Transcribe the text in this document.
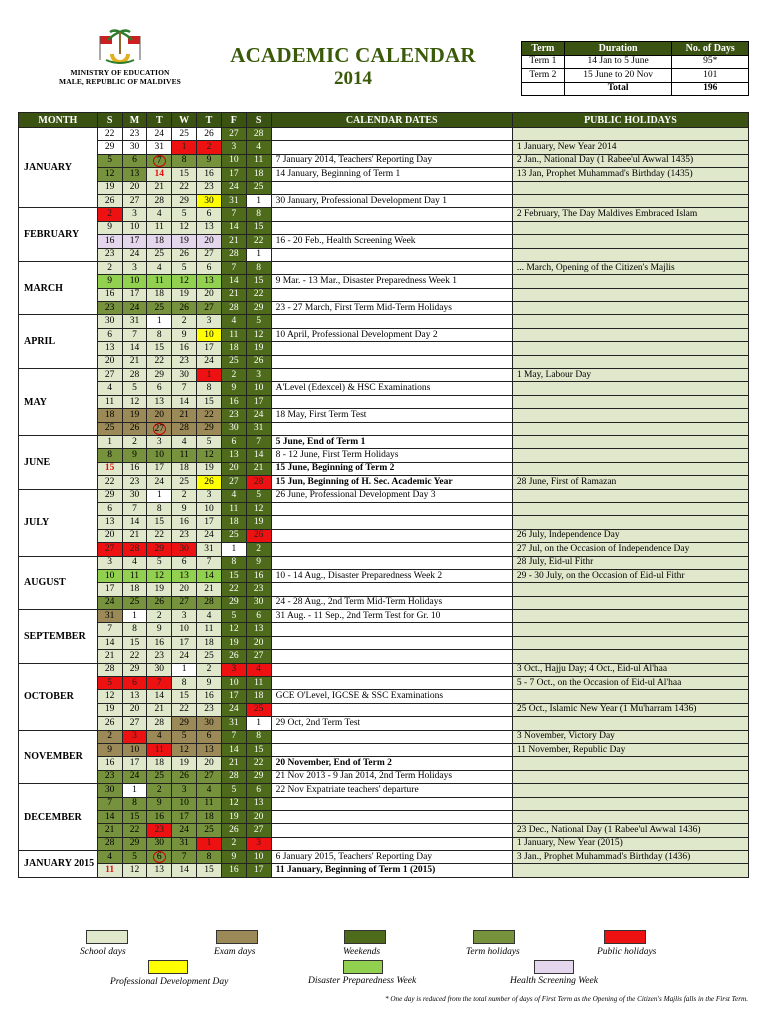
MINISTRY OF EDUCATION
MALE, REPUBLIC OF MALDIVES
ACADEMIC CALENDAR
2014
Term	Duration	No. of Days
Term 1	14 Jan to 5 June	95*
Term 2	15 June to 20 Nov	101
	Total	196
MONTH	S	M	T	W	T	F	S	CALENDAR DATES	PUBLIC HOLIDAYS
JANUARY	22	23	24	25	26	27	28		
	29	30	31	1	2	3	4		1 January, New Year 2014
	5	6	7	8	9	10	11	7 January 2014, Teachers' Reporting Day	2 Jan., National Day (1 Rabee'ul Awwal 1435)
	12	13	14	15	16	17	18	14 January, Beginning of Term 1	13 Jan, Prophet Muhammad's Birthday (1435)
	19	20	21	22	23	24	25		
	26	27	28	29	30	31	1	30 January, Professional Development Day 1	
FEBRUARY	2	3	4	5	6	7	8		2 February, The Day Maldives Embraced Islam
	9	10	11	12	13	14	15		
	16	17	18	19	20	21	22	16 - 20 Feb., Health Screening Week	
	23	24	25	26	27	28	1		
MARCH	2	3	4	5	6	7	8		... March, Opening of the Citizen's Majlis
	9	10	11	12	13	14	15	9 Mar. - 13 Mar., Disaster Preparedness Week 1	
	16	17	18	19	20	21	22		
	23	24	25	26	27	28	29	23 - 27 March, First Term Mid-Term Holidays	
APRIL	30	31	1	2	3	4	5		
	6	7	8	9	10	11	12	10 April, Professional Development Day 2	
	13	14	15	16	17	18	19		
	20	21	22	23	24	25	26		
MAY	27	28	29	30	1	2	3		1 May, Labour Day
	4	5	6	7	8	9	10	A'Level (Edexcel) & HSC Examinations	
	11	12	13	14	15	16	17		
	18	19	20	21	22	23	24	18 May, First Term Test	
	25	26	27	28	29	30	31		
JUNE	1	2	3	4	5	6	7	5 June, End of Term 1	
	8	9	10	11	12	13	14	8 - 12 June, First Term Holidays	
	15	16	17	18	19	20	21	15 June, Beginning of Term 2	
	22	23	24	25	26	27	28	15 Jun, Beginning of H. Sec. Academic Year	28 June, First of Ramazan
JULY	29	30	1	2	3	4	5	26 June, Professional Development Day 3	
	6	7	8	9	10	11	12		
	13	14	15	16	17	18	19		
	20	21	22	23	24	25	26		26 July, Independence Day
	27	28	29	30	31	1	2		27 Jul, on the Occasion of Independence Day
AUGUST	3	4	5	6	7	8	9		28 July, Eid-ul Fithr
	10	11	12	13	14	15	16	10 - 14 Aug., Disaster Preparedness Week 2	29 - 30 July, on the Occasion of Eid-ul Fithr
	17	18	19	20	21	22	23		
	24	25	26	27	28	29	30	24 - 28 Aug., 2nd Term Mid-Term Holidays	
SEPTEMBER	31	1	2	3	4	5	6	31 Aug. - 11 Sep., 2nd Term Test for Gr. 10	
	7	8	9	10	11	12	13		
	14	15	16	17	18	19	20		
	21	22	23	24	25	26	27		
OCTOBER	28	29	30	1	2	3	4		3 Oct., Hajju Day; 4 Oct., Eid-ul Al'haa
	5	6	7	8	9	10	11		5 - 7 Oct., on the Occasion of Eid-ul Al'haa
	12	13	14	15	16	17	18	GCE O'Level, IGCSE & SSC Examinations	
	19	20	21	22	23	24	25		25 Oct., Islamic New Year (1 Mu'harram 1436)
	26	27	28	29	30	31	1	29 Oct, 2nd Term Test	
NOVEMBER	2	3	4	5	6	7	8		3 November, Victory Day
	9	10	11	12	13	14	15		11 November, Republic Day
	16	17	18	19	20	21	22	20 November, End of Term 2	
	23	24	25	26	27	28	29	21 Nov 2013 - 9 Jan 2014, 2nd Term Holidays	
DECEMBER	30	1	2	3	4	5	6	22 Nov Expatriate teachers' departure	
	7	8	9	10	11	12	13		
	14	15	16	17	18	19	20		
	21	22	23	24	25	26	27		23 Dec., National Day (1 Rabee'ul Awwal 1436)
	28	29	30	31	1	2	3		1 January, New Year (2015)
JANUARY 2015	4	5	6	7	8	9	10	6 January 2015, Teachers' Reporting Day	3 Jan., Prophet Muhammad's Birthday (1436)
	11	12	13	14	15	16	17	11 January, Beginning of Term 1 (2015)	
School days	Exam days	Weekends	Term holidays	Public holidays
Professional Development Day	Disaster Preparedness Week	Health Screening Week
* One day is reduced from the total number of days of First Term as the Opening of the Citizen's Majlis falls in the First Term.
